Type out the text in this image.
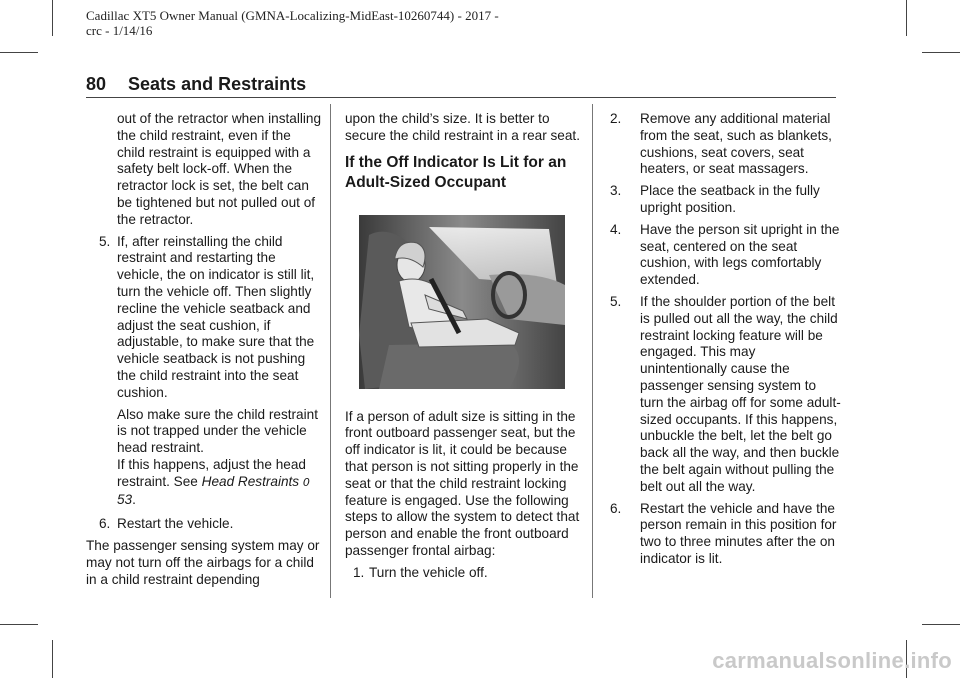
Cadillac XT5 Owner Manual (GMNA-Localizing-MidEast-10260744) - 2017 -
crc - 1/14/16
80 Seats and Restraints

out of the retractor when installing the child restraint, even if the child restraint is equipped with a safety belt lock-off. When the retractor lock is set, the belt can be tightened but not pulled out of the retractor.

5. If, after reinstalling the child restraint and restarting the vehicle, the on indicator is still lit, turn the vehicle off. Then slightly recline the vehicle seatback and adjust the seat cushion, if adjustable, to make sure that the vehicle seatback is not pushing the child restraint into the seat cushion.
Also make sure the child restraint is not trapped under the vehicle head restraint.
If this happens, adjust the head restraint. See Head Restraints 0 53.
6. Restart the vehicle.

The passenger sensing system may or may not turn off the airbags for a child in a child restraint depending

upon the child’s size. It is better to secure the child restraint in a rear seat.

If the Off Indicator Is Lit for an Adult-Sized Occupant

If a person of adult size is sitting in the front outboard passenger seat, but the off indicator is lit, it could be because that person is not sitting properly in the seat or that the child restraint locking feature is engaged. Use the following steps to allow the system to detect that person and enable the front outboard passenger frontal airbag:

1. Turn the vehicle off.
2. Remove any additional material from the seat, such as blankets, cushions, seat covers, seat heaters, or seat massagers.
3. Place the seatback in the fully upright position.
4. Have the person sit upright in the seat, centered on the seat cushion, with legs comfortably extended.
5. If the shoulder portion of the belt is pulled out all the way, the child restraint locking feature will be engaged. This may unintentionally cause the passenger sensing system to turn the airbag off for some adult-sized occupants. If this happens, unbuckle the belt, let the belt go back all the way, and then buckle the belt again without pulling the belt out all the way.
6. Restart the vehicle and have the person remain in this position for two to three minutes after the on indicator is lit.
carmanualsonline.info
